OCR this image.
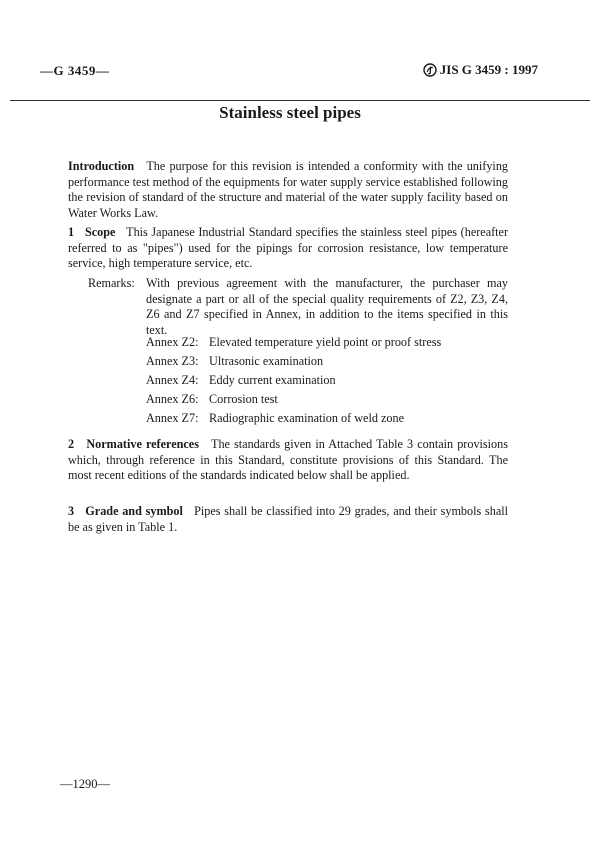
—G 3459—	JIS G 3459 : 1997
Stainless steel pipes
Introduction The purpose for this revision is intended a conformity with the unifying performance test method of the equipments for water supply service established following the revision of standard of the structure and material of the water supply facility based on Water Works Law.
1   Scope This Japanese Industrial Standard specifies the stainless steel pipes (hereafter referred to as "pipes") used for the pipings for corrosion resistance, low temperature service, high temperature service, etc.
Remarks: With previous agreement with the manufacturer, the purchaser may designate a part or all of the special quality requirements of Z2, Z3, Z4, Z6 and Z7 specified in Annex, in addition to the items specified in this text.
Annex Z2: Elevated temperature yield point or proof stress
Annex Z3: Ultrasonic examination
Annex Z4: Eddy current examination
Annex Z6: Corrosion test
Annex Z7: Radiographic examination of weld zone
2   Normative references The standards given in Attached Table 3 contain provisions which, through reference in this Standard, constitute provisions of this Standard. The most recent editions of the standards indicated below shall be applied.
3   Grade and symbol Pipes shall be classified into 29 grades, and their symbols shall be as given in Table 1.
—1290—
